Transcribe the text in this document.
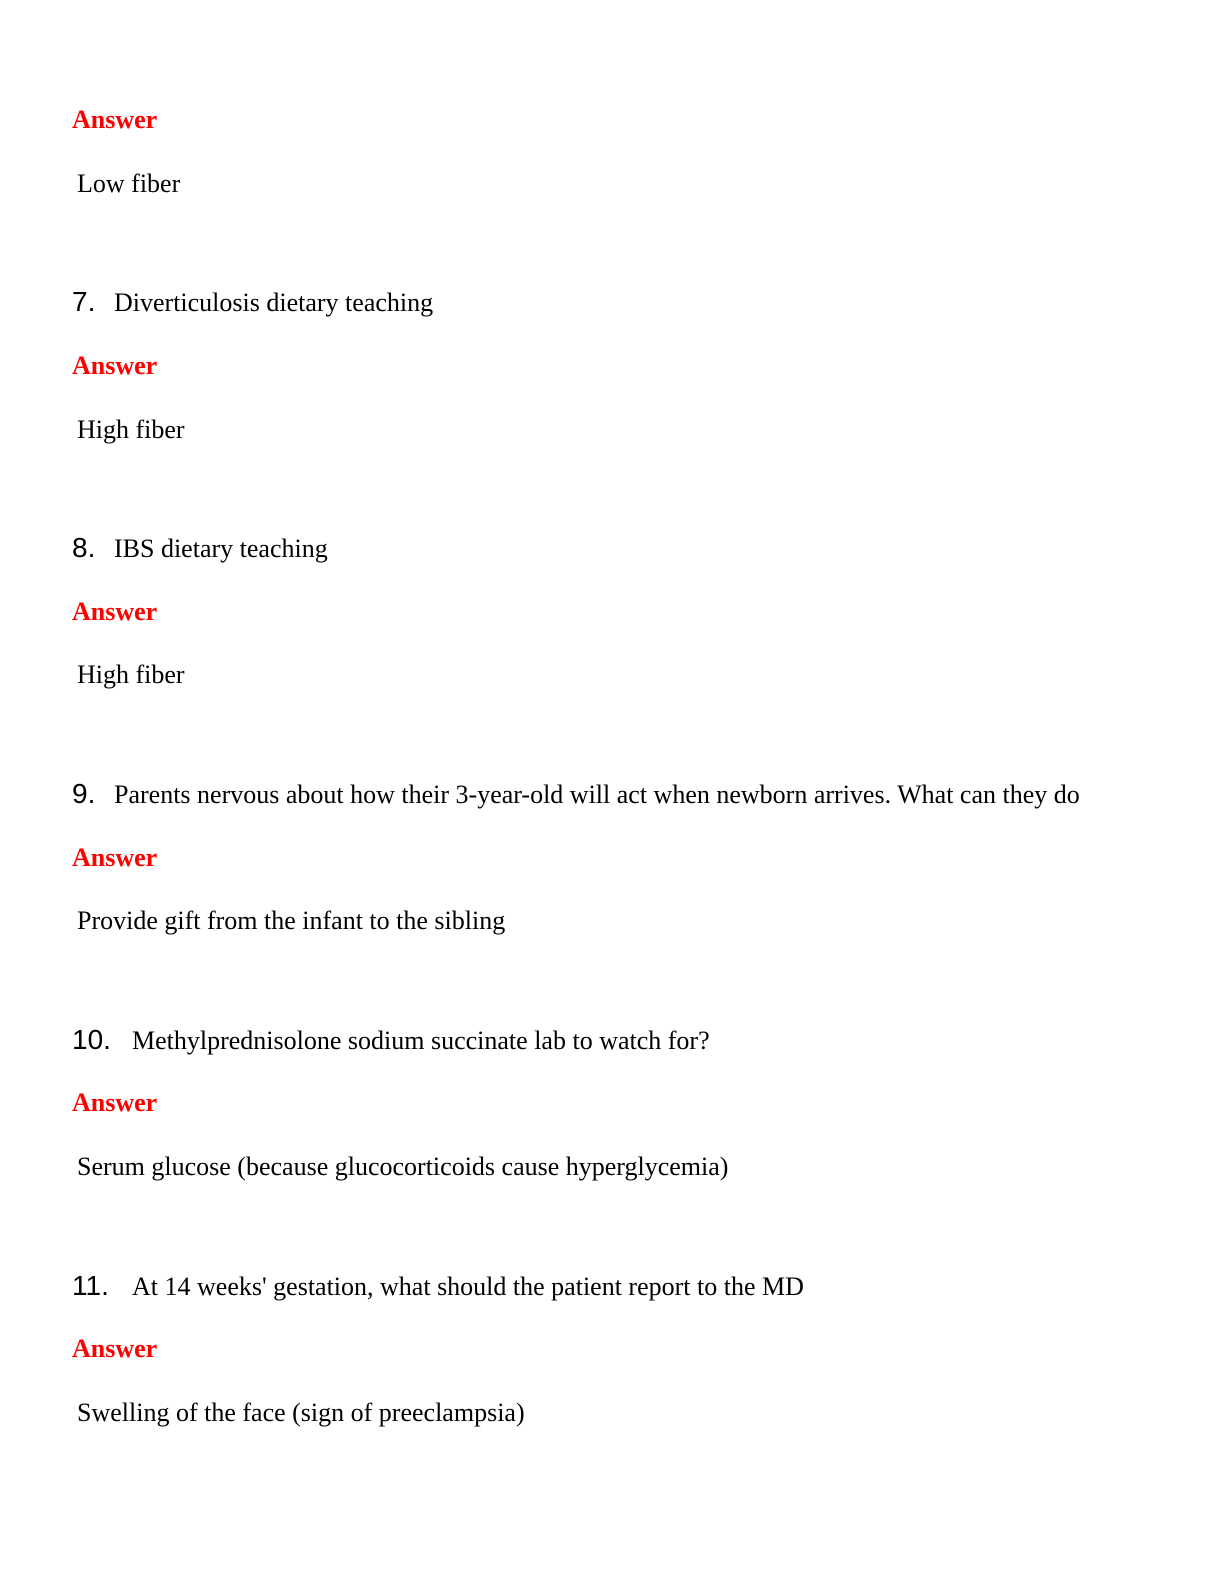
Answer
Low fiber
7. Diverticulosis dietary teaching
Answer
High fiber
8. IBS dietary teaching
Answer
High fiber
9. Parents nervous about how their 3-year-old will act when newborn arrives. What can they do
Answer
Provide gift from the infant to the sibling
10. Methylprednisolone sodium succinate lab to watch for?
Answer
Serum glucose (because glucocorticoids cause hyperglycemia)
11. At 14 weeks' gestation, what should the patient report to the MD
Answer
Swelling of the face (sign of preeclampsia)
